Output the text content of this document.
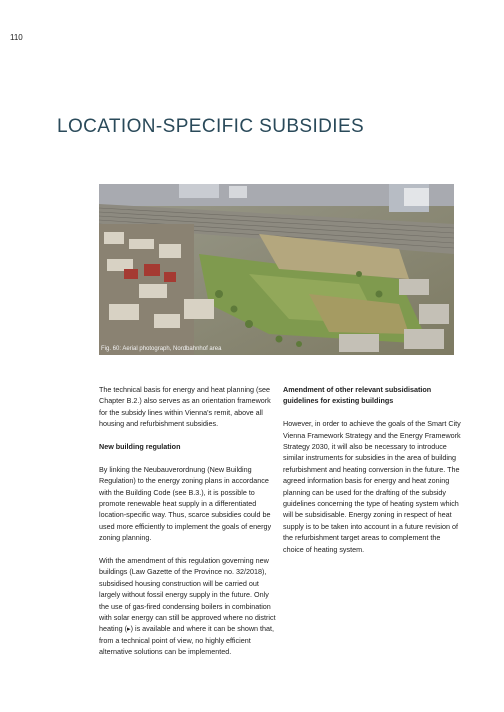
110
LOCATION-SPECIFIC SUBSIDIES
Fig. 60: Aerial photograph, Nordbahnhof area

The technical basis for energy and heat planning (see Chapter B.2.) also serves as an orientation framework for the subsidy lines within Vienna's remit, above all housing and refurbishment subsidies.

New building regulation

By linking the Neubauverordnung (New Building Regulation) to the energy zoning plans in accordance with the Building Code (see B.3.), it is possible to promote renewable heat supply in a differentiated location-specific way. Thus, scarce subsidies could be used more efficiently to implement the goals of energy zoning planning.

With the amendment of this regulation governing new buildings (Law Gazette of the Province no. 32/2018), subsidised housing construction will be carried out largely without fossil energy supply in the future. Only the use of gas-fired condensing boilers in combination with solar energy can still be approved where no district heating (▸) is available and where it can be shown that, from a technical point of view, no highly efficient alternative solutions can be implemented.

Amendment of other relevant subsidisation guidelines for existing buildings

However, in order to achieve the goals of the Smart City Vienna Framework Strategy and the Energy Framework Strategy 2030, it will also be necessary to introduce similar instruments for subsidies in the area of building refurbishment and heating conversion in the future. The agreed information basis for energy and heat zoning planning can be used for the drafting of the subsidy guidelines concerning the type of heating system which will be subsidisable. Energy zoning in respect of heat supply is to be taken into account in a future revision of the refurbishment target areas to complement the choice of heating system.
